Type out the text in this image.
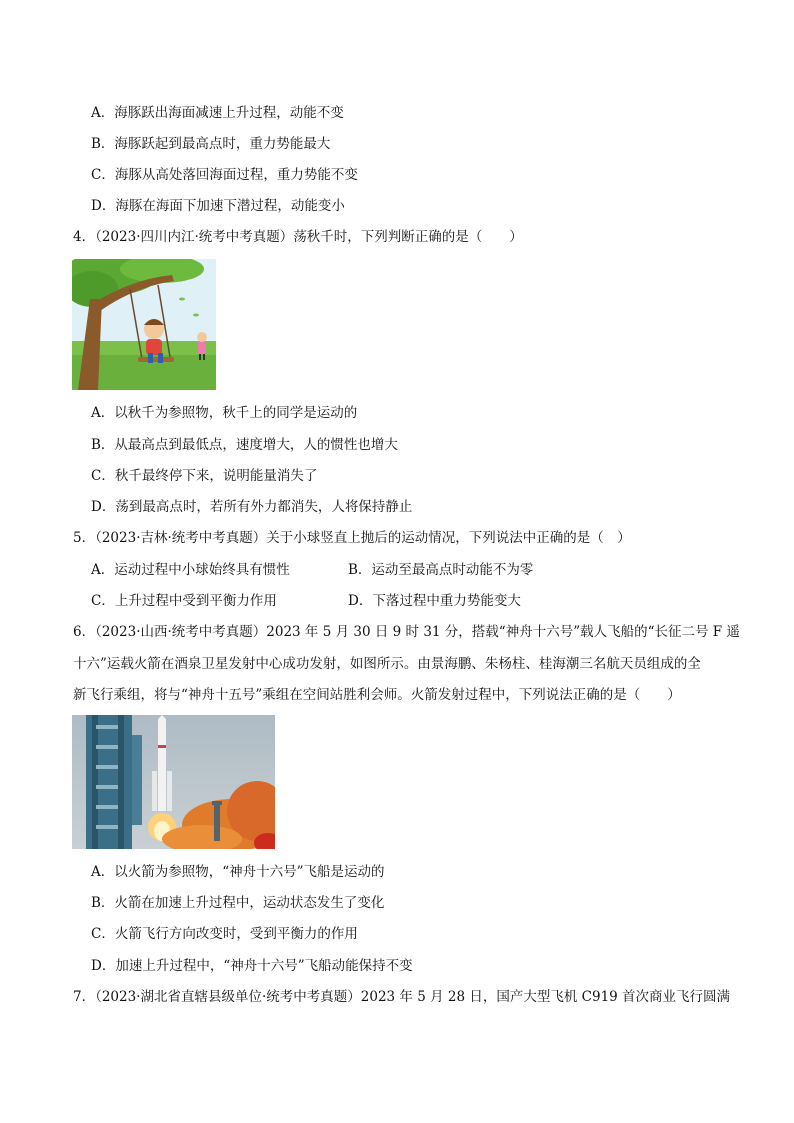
A．海豚跃出海面减速上升过程，动能不变
B．海豚跃起到最高点时，重力势能最大
C．海豚从高处落回海面过程，重力势能不变
D．海豚在海面下加速下潜过程，动能变小
4．（2023·四川内江·统考中考真题）荡秋千时，下列判断正确的是（　　）
A．以秋千为参照物，秋千上的同学是运动的
B．从最高点到最低点，速度增大，人的惯性也增大
C．秋千最终停下来，说明能量消失了
D．荡到最高点时，若所有外力都消失，人将保持静止
5．（2023·吉林·统考中考真题）关于小球竖直上抛后的运动情况，下列说法中正确的是（　）
A．运动过程中小球始终具有惯性	B．运动至最高点时动能不为零
C．上升过程中受到平衡力作用	D．下落过程中重力势能变大
6．（2023·山西·统考中考真题）2023 年 5 月 30 日 9 时 31 分，搭载“神舟十六号”载人飞船的“长征二号 F 遥
十六”运载火箭在酒泉卫星发射中心成功发射，如图所示。由景海鹏、朱杨柱、桂海潮三名航天员组成的全
新飞行乘组，将与“神舟十五号”乘组在空间站胜利会师。火箭发射过程中，下列说法正确的是（　　）
A．以火箭为参照物，“神舟十六号”飞船是运动的
B．火箭在加速上升过程中，运动状态发生了变化
C．火箭飞行方向改变时，受到平衡力的作用
D．加速上升过程中，“神舟十六号”飞船动能保持不变
7．（2023·湖北省直辖县级单位·统考中考真题）2023 年 5 月 28 日，国产大型飞机 C919 首次商业飞行圆满
